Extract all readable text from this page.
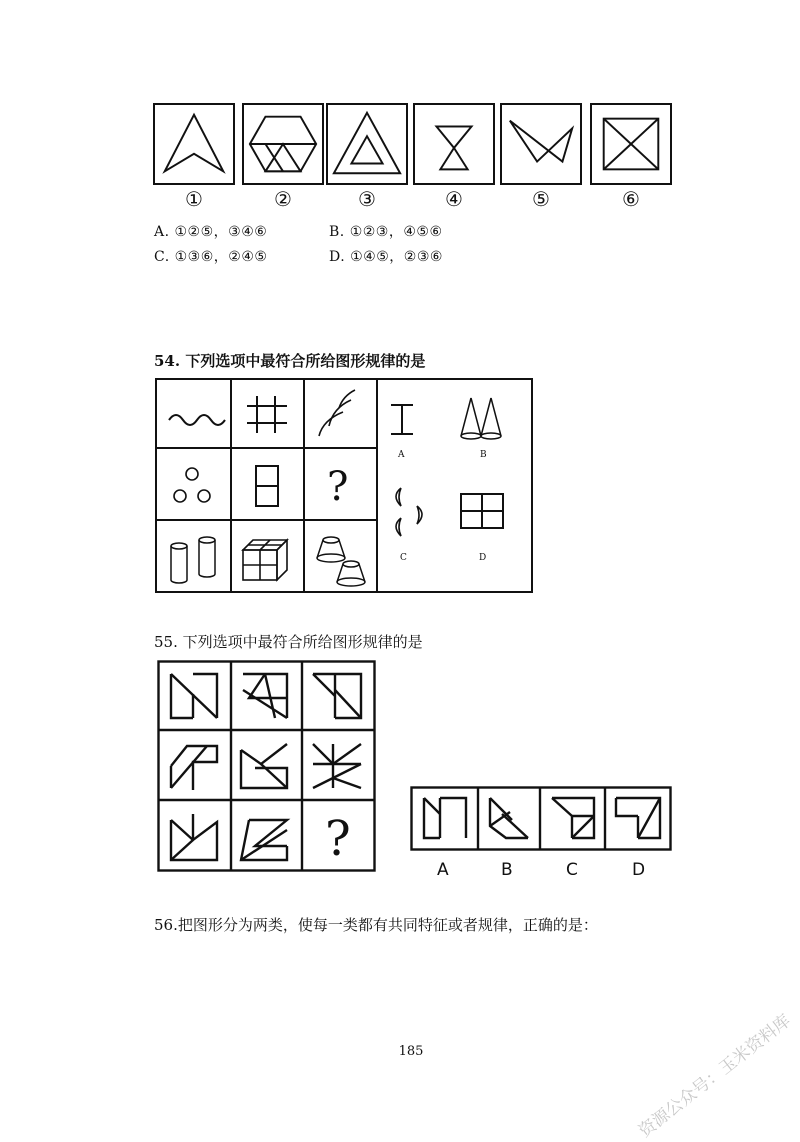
①	②	③	④	⑤	⑥
A. ①②⑤，③④⑥	B. ①②③，④⑤⑥
C. ①③⑥，②④⑤	D. ①④⑤，②③⑥
54. 下列选项中最符合所给图形规律的是
?
A	B
C	D
55. 下列选项中最符合所给图形规律的是
?
A	B	C	D
56.把图形分为两类，使每一类都有共同特征或者规律，正确的是：
185	资源公众号：玉米资料库
